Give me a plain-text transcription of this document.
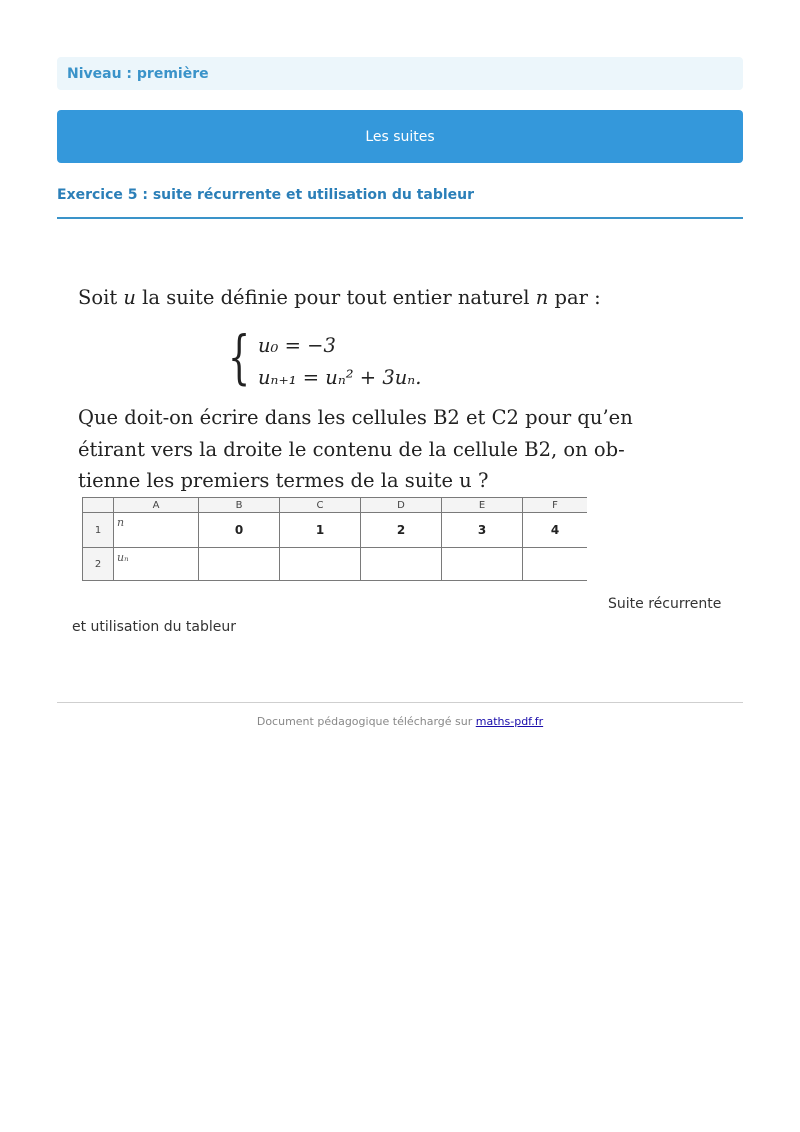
Niveau : première
Les suites
Exercice 5 : suite récurrente et utilisation du tableur
Soit u la suite définie pour tout entier naturel n par :
{ u₀ = −3
uₙ₊₁ = uₙ² + 3uₙ.
Que doit-on écrire dans les cellules B2 et C2 pour qu’en
étirant vers la droite le contenu de la cellule B2, on ob-
tienne les premiers termes de la suite u ?
	A	B	C	D	E	F
1	n	0	1	2	3	4
2	uₙ					

Suite récurrente
et utilisation du tableur
Document pédagogique téléchargé sur maths-pdf.fr
